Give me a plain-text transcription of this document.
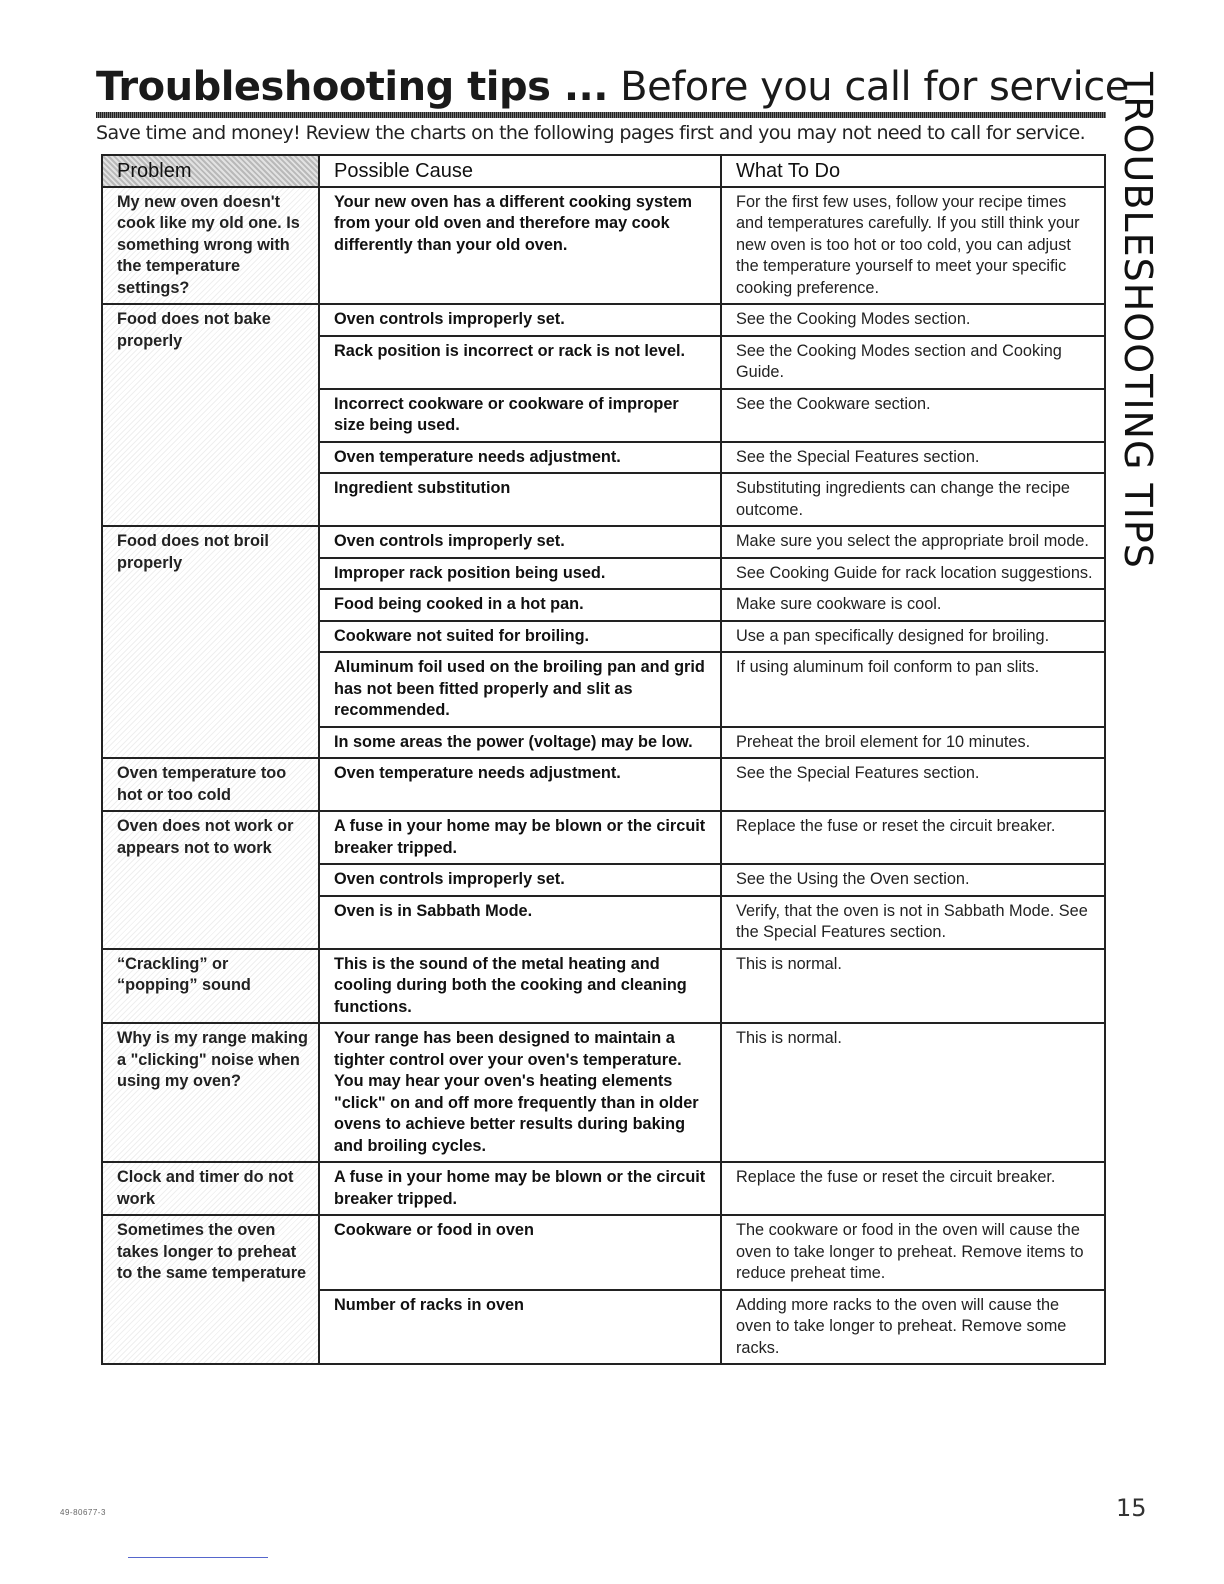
Troubleshooting tips ... Before you call for service
Save time and money! Review the charts on the following pages first and you may not need to call for service. TROUBLESHOOTING TIPS
Problem	Possible Cause	What To Do
My new oven doesn't cook like my old one. Is something wrong with the temperature settings?	Your new oven has a different cooking system from your old oven and therefore may cook differently than your old oven.	For the first few uses, follow your recipe times and temperatures carefully. If you still think your new oven is too hot or too cold, you can adjust the temperature yourself to meet your specific cooking preference.
Food does not bake properly	Oven controls improperly set.	See the Cooking Modes section.
	Rack position is incorrect or rack is not level.	See the Cooking Modes section and Cooking Guide.
	Incorrect cookware or cookware of improper size being used.	See the Cookware section.
	Oven temperature needs adjustment.	See the Special Features section.
	Ingredient substitution	Substituting ingredients can change the recipe outcome.
Food does not broil properly	Oven controls improperly set.	Make sure you select the appropriate broil mode.
	Improper rack position being used.	See Cooking Guide for rack location suggestions.
	Food being cooked in a hot pan.	Make sure cookware is cool.
	Cookware not suited for broiling.	Use a pan specifically designed for broiling.
	Aluminum foil used on the broiling pan and grid has not been fitted properly and slit as recommended.	If using aluminum foil conform to pan slits.
	In some areas the power (voltage) may be low.	Preheat the broil element for 10 minutes.
Oven temperature too hot or too cold	Oven temperature needs adjustment.	See the Special Features section.
Oven does not work or appears not to work	A fuse in your home may be blown or the circuit breaker tripped.	Replace the fuse or reset the circuit breaker.
	Oven controls improperly set.	See the Using the Oven section.
	Oven is in Sabbath Mode.	Verify, that the oven is not in Sabbath Mode. See the Special Features section.
“Crackling” or “popping” sound	This is the sound of the metal heating and cooling during both the cooking and cleaning functions.	This is normal.
Why is my range making a "clicking" noise when using my oven?	Your range has been designed to maintain a tighter control over your oven's temperature. You may hear your oven's heating elements "click" on and off more frequently than in older ovens to achieve better results during baking and broiling cycles.	This is normal.
Clock and timer do not work	A fuse in your home may be blown or the circuit breaker tripped.	Replace the fuse or reset the circuit breaker.
Sometimes the oven takes longer to preheat to the same temperature	Cookware or food in oven	The cookware or food in the oven will cause the oven to take longer to preheat. Remove items to reduce preheat time.
	Number of racks in oven	Adding more racks to the oven will cause the oven to take longer to preheat. Remove some racks.
49-80677-3	15
